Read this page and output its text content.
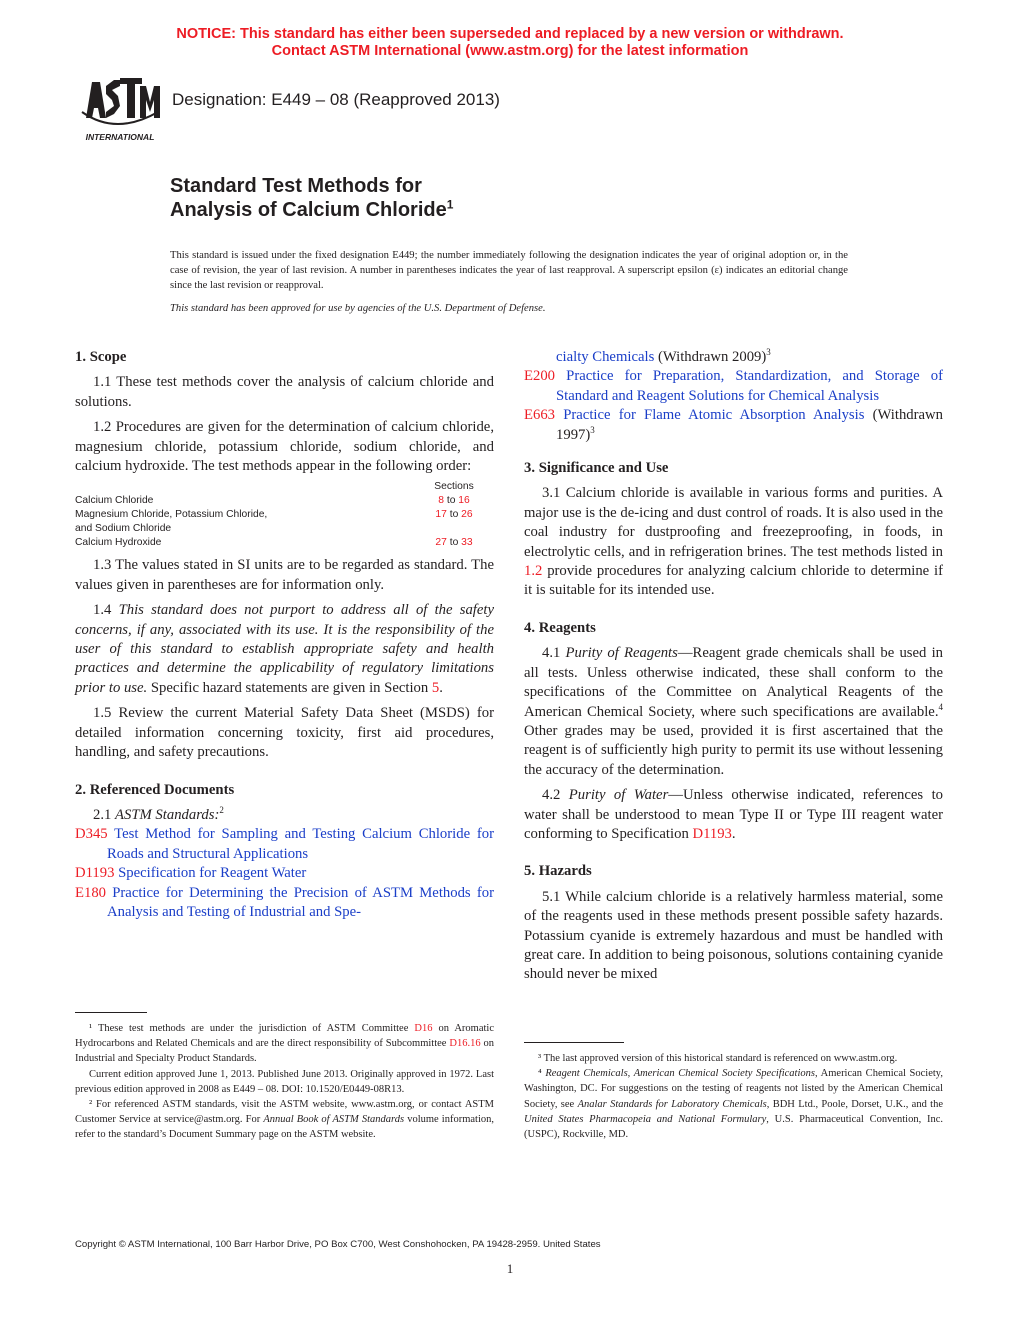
NOTICE: This standard has either been superseded and replaced by a new version or withdrawn.
Contact ASTM International (www.astm.org) for the latest information
INTERNATIONAL
Designation: E449 – 08 (Reapproved 2013)
Standard Test Methods for
Analysis of Calcium Chloride$^1$
This standard is issued under the fixed designation E449; the number immediately following the designation indicates the year of original adoption or, in the case of revision, the year of last revision. A number in parentheses indicates the year of last reapproval. A superscript epsilon (ε) indicates an editorial change since the last revision or reapproval.
This standard has been approved for use by agencies of the U.S. Department of Defense.
1. Scope

1.1 These test methods cover the analysis of calcium chloride and solutions.

1.2 Procedures are given for the determination of calcium chloride, magnesium chloride, potassium chloride, sodium chloride, and calcium hydroxide. The test methods appear in the following order:

	Sections
Calcium Chloride	8 to 16
Magnesium Chloride, Potassium Chloride,
and Sodium Chloride	17 to 26
Calcium Hydroxide	27 to 33

1.3 The values stated in SI units are to be regarded as standard. The values given in parentheses are for information only.

1.4 This standard does not purport to address all of the safety concerns, if any, associated with its use. It is the responsibility of the user of this standard to establish appropriate safety and health practices and determine the applicability of regulatory limitations prior to use. Specific hazard statements are given in Section 5.

1.5 Review the current Material Safety Data Sheet (MSDS) for detailed information concerning toxicity, first aid procedures, handling, and safety precautions.

2. Referenced Documents

2.1 ASTM Standards:$^2$

D345 Test Method for Sampling and Testing Calcium Chloride for Roads and Structural Applications

D1193 Specification for Reagent Water

E180 Practice for Determining the Precision of ASTM Methods for Analysis and Testing of Industrial and Spe-

¹ These test methods are under the jurisdiction of ASTM Committee D16 on Aromatic Hydrocarbons and Related Chemicals and are the direct responsibility of Subcommittee D16.16 on Industrial and Specialty Product Standards.
Current edition approved June 1, 2013. Published June 2013. Originally approved in 1972. Last previous edition approved in 2008 as E449 – 08. DOI: 10.1520/E0449-08R13.
² For referenced ASTM standards, visit the ASTM website, www.astm.org, or contact ASTM Customer Service at service@astm.org. For Annual Book of ASTM Standards volume information, refer to the standard’s Document Summary page on the ASTM website.

cialty Chemicals (Withdrawn 2009)$^3$

E200 Practice for Preparation, Standardization, and Storage of Standard and Reagent Solutions for Chemical Analysis

E663 Practice for Flame Atomic Absorption Analysis (Withdrawn 1997)$^3$

3. Significance and Use

3.1 Calcium chloride is available in various forms and purities. A major use is the de-icing and dust control of roads. It is also used in the coal industry for dustproofing and freezeproofing, in foods, in electrolytic cells, and in refrigeration brines. The test methods listed in 1.2 provide procedures for analyzing calcium chloride to determine if it is suitable for its intended use.

4. Reagents

4.1 Purity of Reagents—Reagent grade chemicals shall be used in all tests. Unless otherwise indicated, these shall conform to the specifications of the Committee on Analytical Reagents of the American Chemical Society, where such specifications are available.$^4$ Other grades may be used, provided it is first ascertained that the reagent is of sufficiently high purity to permit its use without lessening the accuracy of the determination.

4.2 Purity of Water—Unless otherwise indicated, references to water shall be understood to mean Type II or Type III reagent water conforming to Specification D1193.

5. Hazards

5.1 While calcium chloride is a relatively harmless material, some of the reagents used in these methods present possible safety hazards. Potassium cyanide is extremely hazardous and must be handled with great care. In addition to being poisonous, solutions containing cyanide should never be mixed

³ The last approved version of this historical standard is referenced on www.astm.org.
⁴ Reagent Chemicals, American Chemical Society Specifications, American Chemical Society, Washington, DC. For suggestions on the testing of reagents not listed by the American Chemical Society, see Analar Standards for Laboratory Chemicals, BDH Ltd., Poole, Dorset, U.K., and the United States Pharmacopeia and National Formulary, U.S. Pharmaceutical Convention, Inc. (USPC), Rockville, MD.
Copyright © ASTM International, 100 Barr Harbor Drive, PO Box C700, West Conshohocken, PA 19428-2959. United States
1
